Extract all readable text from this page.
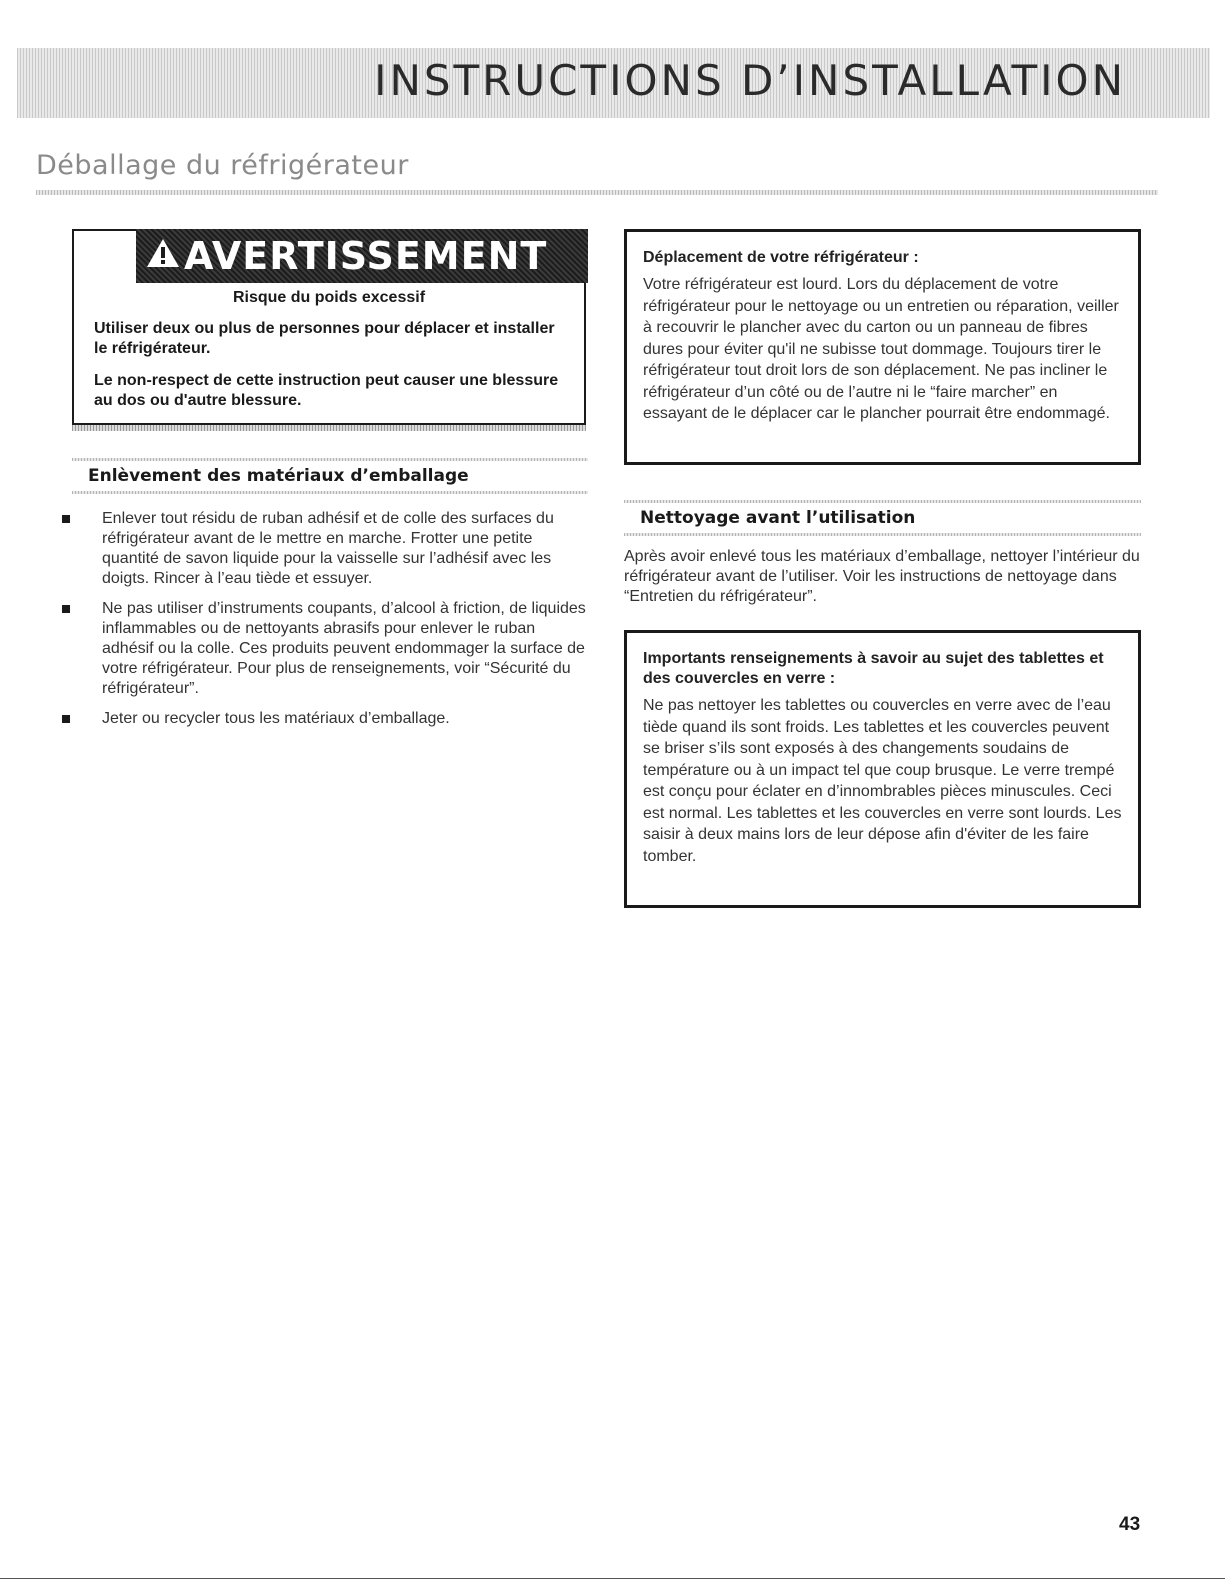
INSTRUCTIONS D’INSTALLATION
Déballage du réfrigérateur
AVERTISSEMENT
Risque du poids excessif
Utiliser deux ou plus de personnes pour déplacer et installer le réfrigérateur.
Le non-respect de cette instruction peut causer une blessure au dos ou d'autre blessure.
Enlèvement des matériaux d’emballage
Enlever tout résidu de ruban adhésif et de colle des surfaces du réfrigérateur avant de le mettre en marche. Frotter une petite quantité de savon liquide pour la vaisselle sur l’adhésif avec les doigts. Rincer à l’eau tiède et essuyer.
Ne pas utiliser d’instruments coupants, d’alcool à friction, de liquides inflammables ou de nettoyants abrasifs pour enlever le ruban adhésif ou la colle. Ces produits peuvent endommager la surface de votre réfrigérateur. Pour plus de renseignements, voir “Sécurité du réfrigérateur”.
Jeter ou recycler tous les matériaux d’emballage.
Déplacement de votre réfrigérateur :
Votre réfrigérateur est lourd. Lors du déplacement de votre réfrigérateur pour le nettoyage ou un entretien ou réparation, veiller à recouvrir le plancher avec du carton ou un panneau de fibres dures pour éviter qu'il ne subisse tout dommage. Toujours tirer le réfrigérateur tout droit lors de son déplacement. Ne pas incliner le réfrigérateur d’un côté ou de l’autre ni le “faire marcher” en essayant de le déplacer car le plancher pourrait être endommagé.
Nettoyage avant l’utilisation
Après avoir enlevé tous les matériaux d’emballage, nettoyer l’intérieur du réfrigérateur avant de l’utiliser. Voir les instructions de nettoyage dans “Entretien du réfrigérateur”.
Importants renseignements à savoir au sujet des tablettes et des couvercles en verre :
Ne pas nettoyer les tablettes ou couvercles en verre avec de l’eau tiède quand ils sont froids. Les tablettes et les couvercles peuvent se briser s’ils sont exposés à des changements soudains de température ou à un impact tel que coup brusque. Le verre trempé est conçu pour éclater en d’innombrables pièces minuscules. Ceci est normal. Les tablettes et les couvercles en verre sont lourds. Les saisir à deux mains lors de leur dépose afin d'éviter de les faire tomber.
43
